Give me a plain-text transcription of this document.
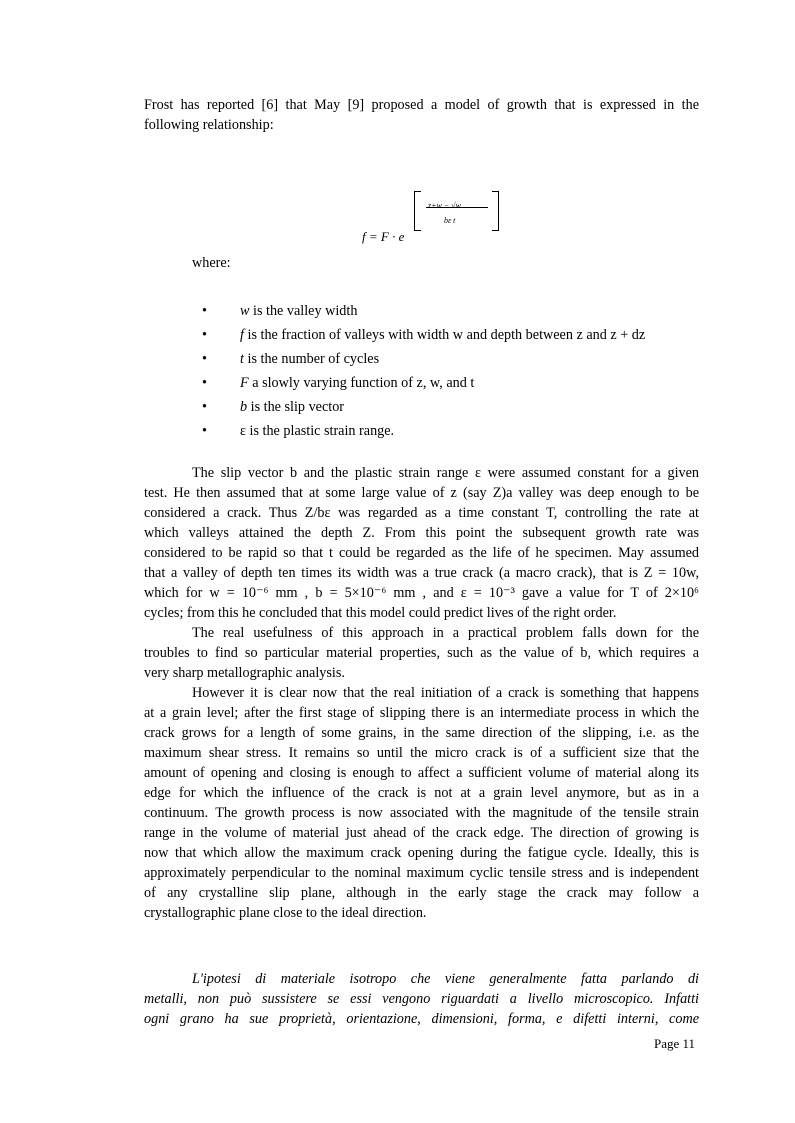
Frost has reported [6] that May [9] proposed a model of growth that is expressed in the

following relationship:

f = F · e
z+w − √w
bε t

where:

• w is the valley width
• f is the fraction of valleys with width w and depth between z and z + dz
• t is the number of cycles
• F a slowly varying function of z, w, and t
• b is the slip vector
• ε is the plastic strain range.

The slip vector b and the plastic strain range ε were assumed constant for a given

test. He then assumed that at some large value of z (say Z)a valley was deep enough to be

considered a crack. Thus Z/bε was regarded as a time constant T, controlling the rate at

which valleys attained the depth Z. From this point the subsequent growth rate was

considered to be rapid so that t could be regarded as the life of he specimen. May assumed

that a valley of depth ten times its width was a true crack (a macro crack), that is Z = 10w,

which for w = 10⁻⁶ mm , b = 5×10⁻⁶ mm , and ε = 10⁻³ gave a value for T of 2×10⁶

cycles; from this he concluded that this model could predict lives of the right order.

The real usefulness of this approach in a practical problem falls down for the

troubles to find so particular material properties, such as the value of b, which requires a

very sharp metallographic analysis.

However it is clear now that the real initiation of a crack is something that happens

at a grain level; after the first stage of slipping there is an intermediate process in which the

crack grows for a length of some grains, in the same direction of the slipping, i.e. as the

maximum shear stress. It remains so until the micro crack is of a sufficient size that the

amount of opening and closing is enough to affect a sufficient volume of material along its

edge for which the influence of the crack is not at a grain level anymore, but as in a

continuum. The growth process is now associated with the magnitude of the tensile strain

range in the volume of material just ahead of the crack edge. The direction of growing is

now that which allow the maximum crack opening during the fatigue cycle. Ideally, this is

approximately perpendicular to the nominal maximum cyclic tensile stress and is independent

of any crystalline slip plane, although in the early stage the crack may follow a

crystallographic plane close to the ideal direction.

L'ipotesi di materiale isotropo che viene generalmente fatta parlando di

metalli, non può sussistere se essi vengono riguardati a livello microscopico. Infatti

ogni grano ha sue proprietà, orientazione, dimensioni, forma, e difetti interni, come

Page 11
